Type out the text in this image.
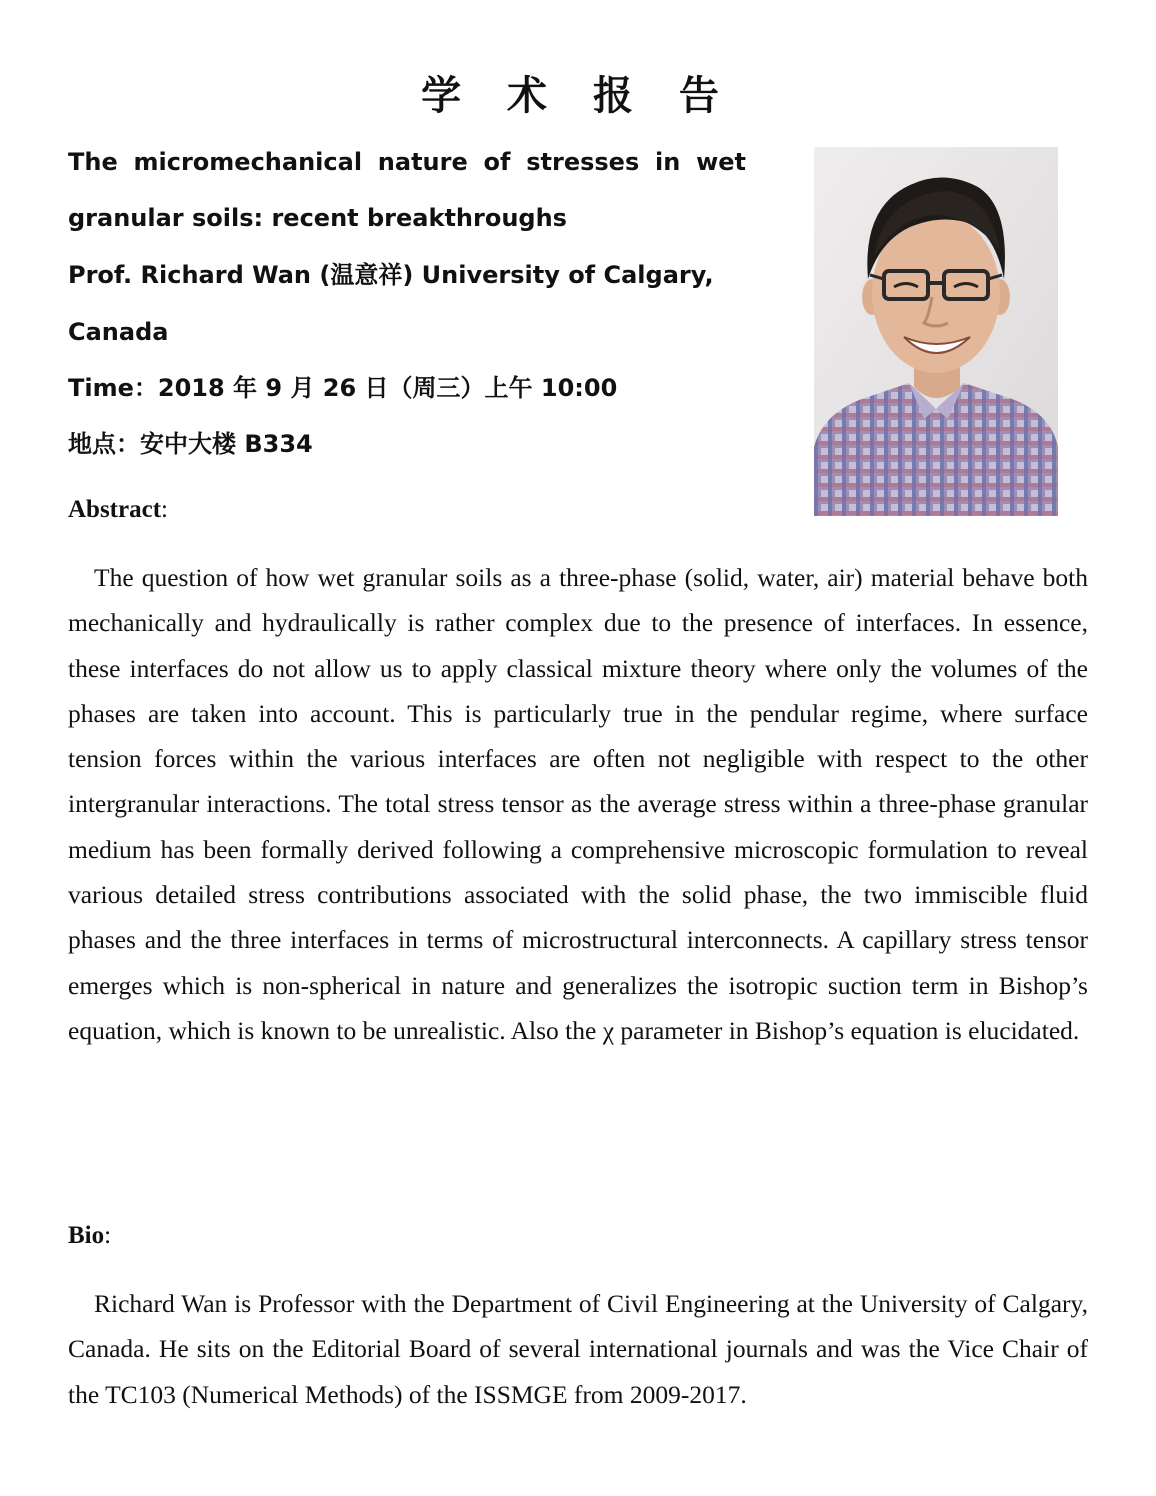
学 术 报 告
The micromechanical nature of stresses in wet
granular soils: recent breakthroughs
Prof. Richard Wan (温意祥) University of Calgary,
Canada
Time：2018 年 9 月 26 日（周三）上午 10:00
地点：安中大楼 B334
Abstract:

The question of how wet granular soils as a three-phase (solid, water, air) material behave both mechanically and hydraulically is rather complex due to the presence of interfaces. In essence, these interfaces do not allow us to apply classical mixture theory where only the volumes of the phases are taken into account. This is particularly true in the pendular regime, where surface tension forces within the various interfaces are often not negligible with respect to the other intergranular interactions. The total stress tensor as the average stress within a three-phase granular medium has been formally derived following a comprehensive microscopic formulation to reveal various detailed stress contributions associated with the solid phase, the two immiscible fluid phases and the three interfaces in terms of microstructural interconnects. A capillary stress tensor emerges which is non-spherical in nature and generalizes the isotropic suction term in Bishop’s equation, which is known to be unrealistic. Also the χ parameter in Bishop’s equation is elucidated.

Bio:

Richard Wan is Professor with the Department of Civil Engineering at the University of Calgary, Canada. He sits on the Editorial Board of several international journals and was the Vice Chair of the TC103 (Numerical Methods) of the ISSMGE from 2009-2017.
